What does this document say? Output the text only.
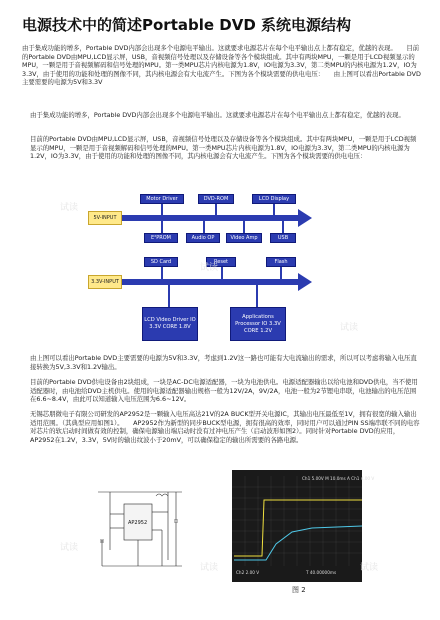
电源技术中的简述Portable DVD 系统电源结构
由于集成功能的增多，Portable DVD内部会出现多个电源电平输出。这就要求电源芯片在每个电平输出点上都有稳定，优越的表现。　　目前的Portable DVD由MPU,LCD显示屏，USB，音视频信号处理以及存储设备等各个模块组成。其中有两块MPU，一颗是用于LCD视频显示的MPU，一颗是用于音视频解码和信号处理的MPU。第一类MPU芯片内核电源为1.8V，IO电源为3.3V，第二类MPU的内核电源为1.2V，IO为3.3V，由于使用的功能和处理的图像不同，其内核电源会有大电流产生。下图为各个模块需要的供电电压：　　由上图可以看出Portable DVD主要需要的电源为5V和3.3V
由于集成功能的增多，Portable DVD内部会出现多个电源电平输出。这就要求电源芯片在每个电平输出点上都有稳定，优越的表现。
目前的Portable DVD由MPU,LCD显示屏，USB，音视频信号处理以及存储设备等各个模块组成。其中有两块MPU，一颗是用于LCD视频显示的MPU，一颗是用于音视频解码和信号处理的MPU。第一类MPU芯片内核电源为1.8V，IO电源为3.3V，第二类MPU的内核电源为1.2V，IO为3.3V，由于使用的功能和处理的图像不同，其内核电源会有大电流产生。下图为各个模块需要的供电电压：
Motor Driver	DVD-ROM	LCD Display
5V-INPUT
E²PROM	Audio OP	Video Amp	USB
SD Card	Reset	Flash
3.3V-INPUT
LCD Video Driver IO 3.3V CORE 1.8V
Applications Processor IO 3.3V CORE 1.2V
由上图可以看出Portable DVD主要需要的电源为5V和3.3V，考虑到1.2V这一路也可能有大电流输出的需求，所以可以考虑将输入电压直接转换为5V,3.3V和1.2V输出。
目前的Portable DVD供电设备由2块组成，一块是AC-DC电源适配器，一块为电池供电。电源适配器输出以给电池和DVD供电，当不使用适配器时，由电池给DVD主机供电。使用的电源适配器输出规格一般为12V/2A，9V/2A，电池一般为2节锂电串联，电池输出的电压范围在6.6~8.4V，由此可以知道输入电压范围为6.6~12V。
无锡芯朋微电子有限公司研发的AP2952是一颗输入电压高达21V的2A BUCK型开关电源IC，其输出电压最低至1V，拥有很宽的输入输出适用范围。（其典型应用如图1）。　　AP2952作为新型的同步BUCK型电源，拥有很高的效率，同时用户可以通过PIN SS端串联不同的电容对芯片的软启动时间做有效的控制，确保电源输出端启动时没有过冲电压产生（启动波形如图2）。同时针对Portable DVD的应用，AP2952在1.2V，3.3V，5V时的输出纹波小于20mV，可以确保稳定的输出所需要的各路电源。
AP2952
Ch1 5.00V M 10.0ms A Ch1 4.00 V
Ch2 2.00 V	T 40.00000ms
图 2
试读
试读
试读
试读
试读	试读
